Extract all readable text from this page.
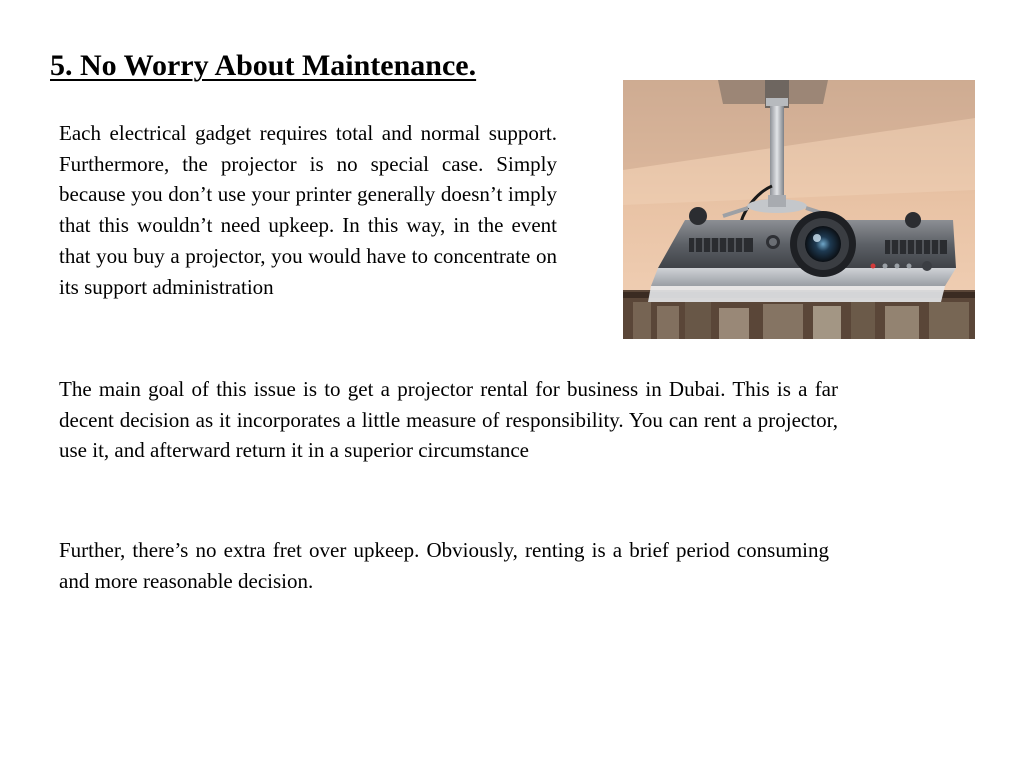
5. No Worry About Maintenance.

Each electrical gadget requires total and normal support. Furthermore, the projector is no special case. Simply because you don’t use your printer generally doesn’t imply that this wouldn’t need upkeep. In this way, in the event that you buy a projector, you would have to concentrate on its support administration

The main goal of this issue is to get a projector rental for business in Dubai. This is a far decent decision as it incorporates a little measure of responsibility. You can rent a projector, use it, and afterward return it in a superior circumstance

Further, there’s no extra fret over upkeep. Obviously, renting is a brief period consuming and more reasonable decision.
